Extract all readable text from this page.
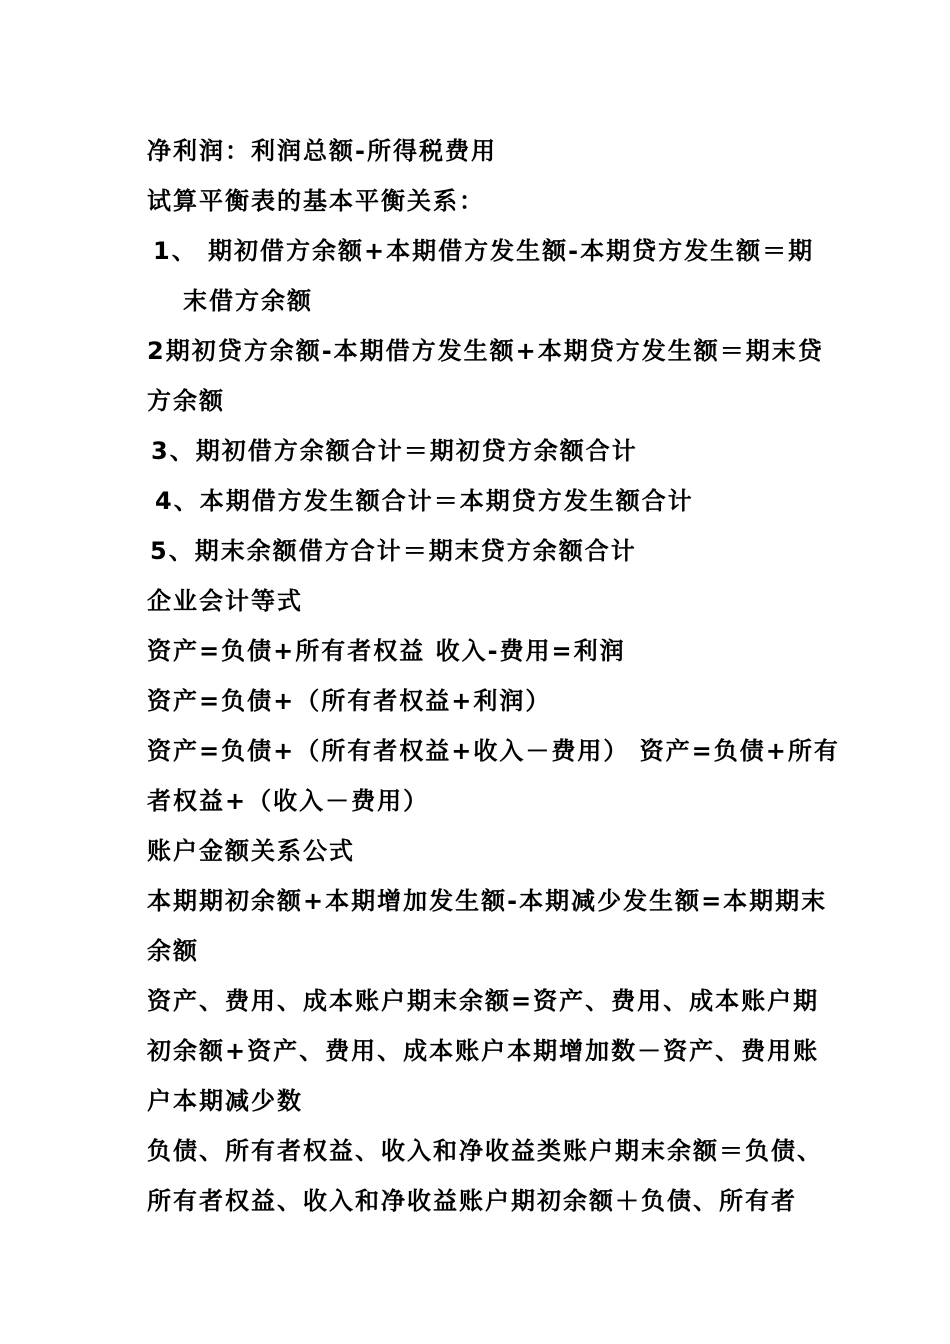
净利润：利润总额-所得税费用
试算平衡表的基本平衡关系：
1、 期初借方余额+本期借方发生额-本期贷方发生额＝期
末借方余额
2期初贷方余额-本期借方发生额+本期贷方发生额＝期末贷
方余额
3、期初借方余额合计＝期初贷方余额合计
4、本期借方发生额合计＝本期贷方发生额合计
5、期末余额借方合计＝期末贷方余额合计
企业会计等式
资产=负债+所有者权益 收入-费用=利润
资产=负债+（所有者权益+利润）
资产=负债+（所有者权益+收入－费用） 资产=负债+所有
者权益+（收入－费用）
账户金额关系公式
本期期初余额+本期增加发生额-本期减少发生额=本期期末
余额
资产、费用、成本账户期末余额=资产、费用、成本账户期
初余额+资产、费用、成本账户本期增加数－资产、费用账
户本期减少数
负债、所有者权益、收入和净收益类账户期末余额＝负债、
所有者权益、收入和净收益账户期初余额＋负债、所有者
